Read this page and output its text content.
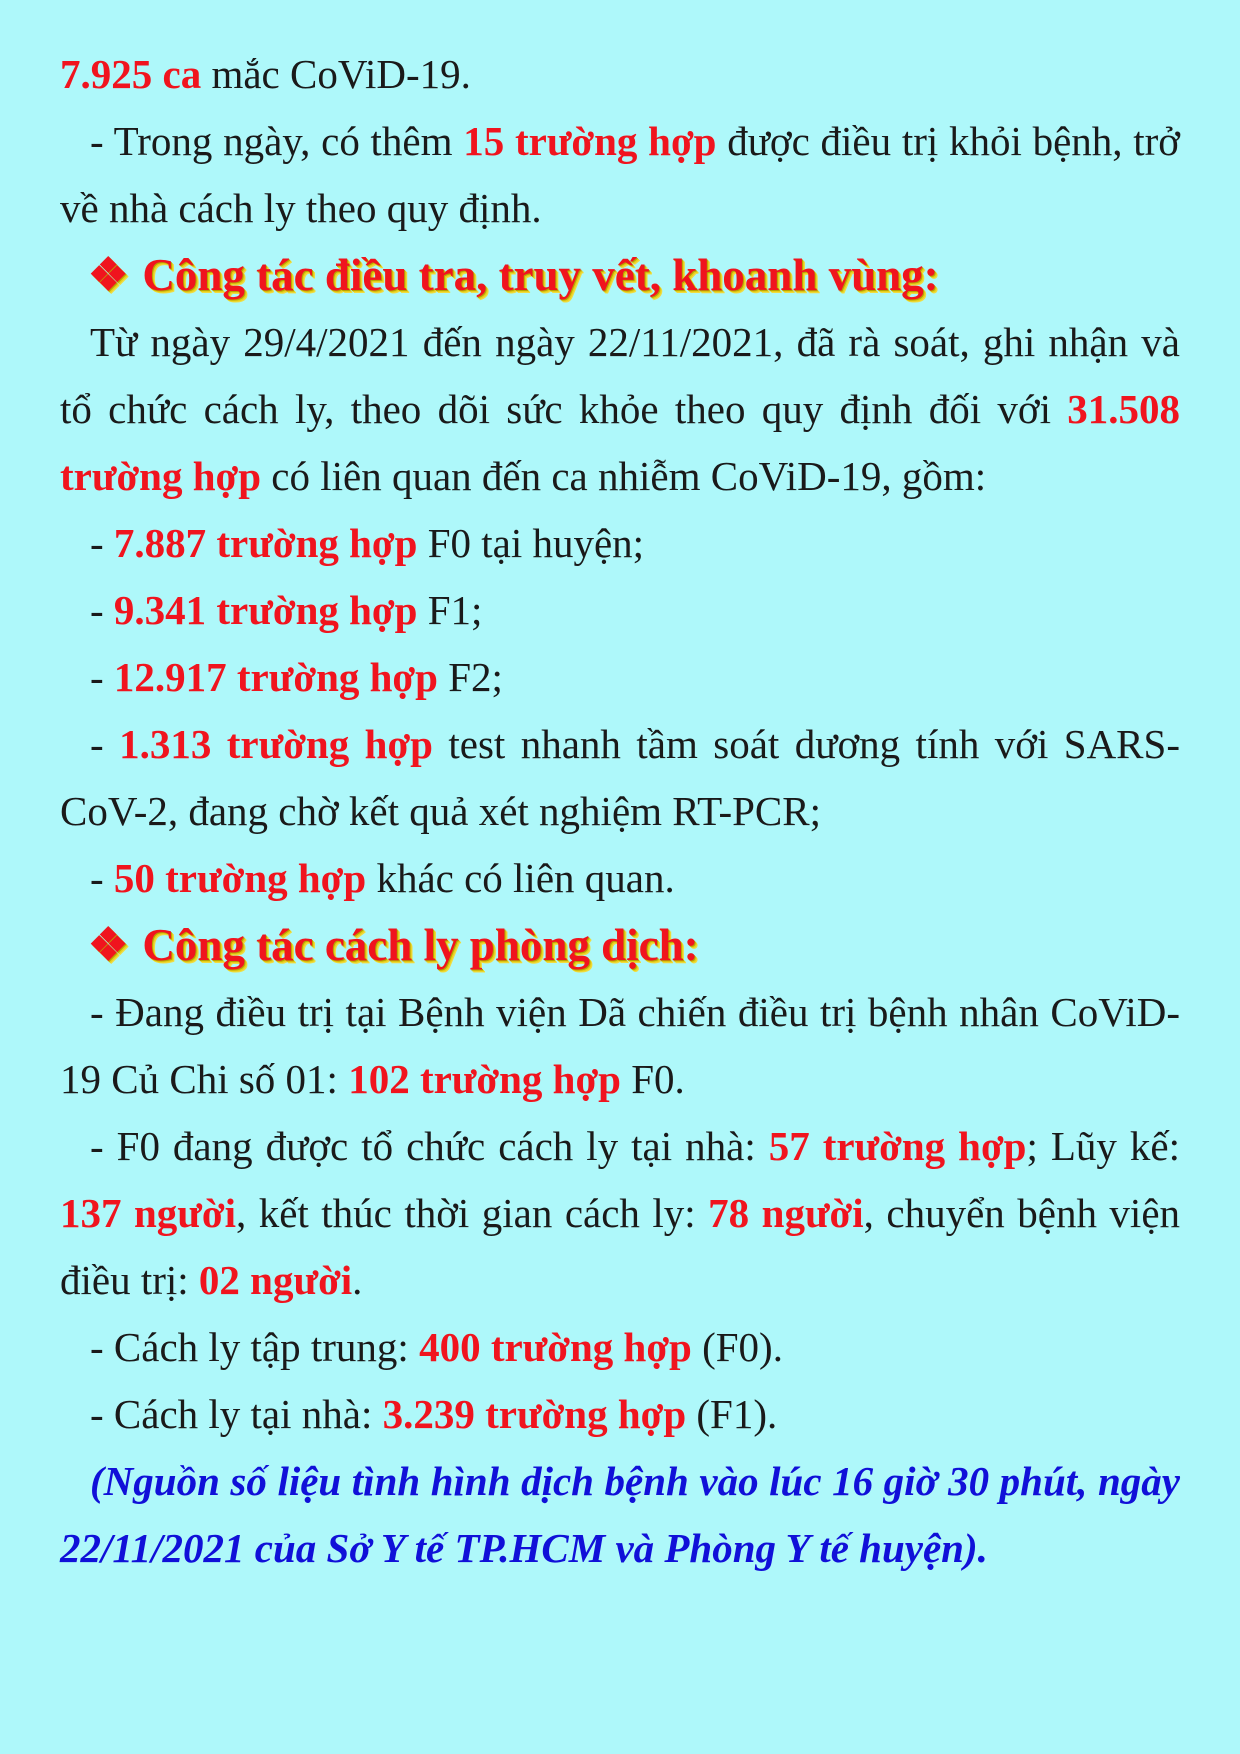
7.925 ca mắc CoViD-19.

- Trong ngày, có thêm 15 trường hợp được điều trị khỏi bệnh, trở về nhà cách ly theo quy định.

❖ Công tác điều tra, truy vết, khoanh vùng:

Từ ngày 29/4/2021 đến ngày 22/11/2021, đã rà soát, ghi nhận và tổ chức cách ly, theo dõi sức khỏe theo quy định đối với 31.508 trường hợp có liên quan đến ca nhiễm CoViD-19, gồm:

- 7.887 trường hợp F0 tại huyện;

- 9.341 trường hợp F1;

- 12.917 trường hợp F2;

- 1.313 trường hợp test nhanh tầm soát dương tính với SARS-CoV-2, đang chờ kết quả xét nghiệm RT-PCR;

- 50 trường hợp khác có liên quan.

❖ Công tác cách ly phòng dịch:

- Đang điều trị tại Bệnh viện Dã chiến điều trị bệnh nhân CoViD-19 Củ Chi số 01: 102 trường hợp F0.

- F0 đang được tổ chức cách ly tại nhà: 57 trường hợp; Lũy kế: 137 người, kết thúc thời gian cách ly: 78 người, chuyển bệnh viện điều trị: 02 người.

- Cách ly tập trung: 400 trường hợp (F0).

- Cách ly tại nhà: 3.239 trường hợp (F1).

(Nguồn số liệu tình hình dịch bệnh vào lúc 16 giờ 30 phút, ngày 22/11/2021 của Sở Y tế TP.HCM và Phòng Y tế huyện).
